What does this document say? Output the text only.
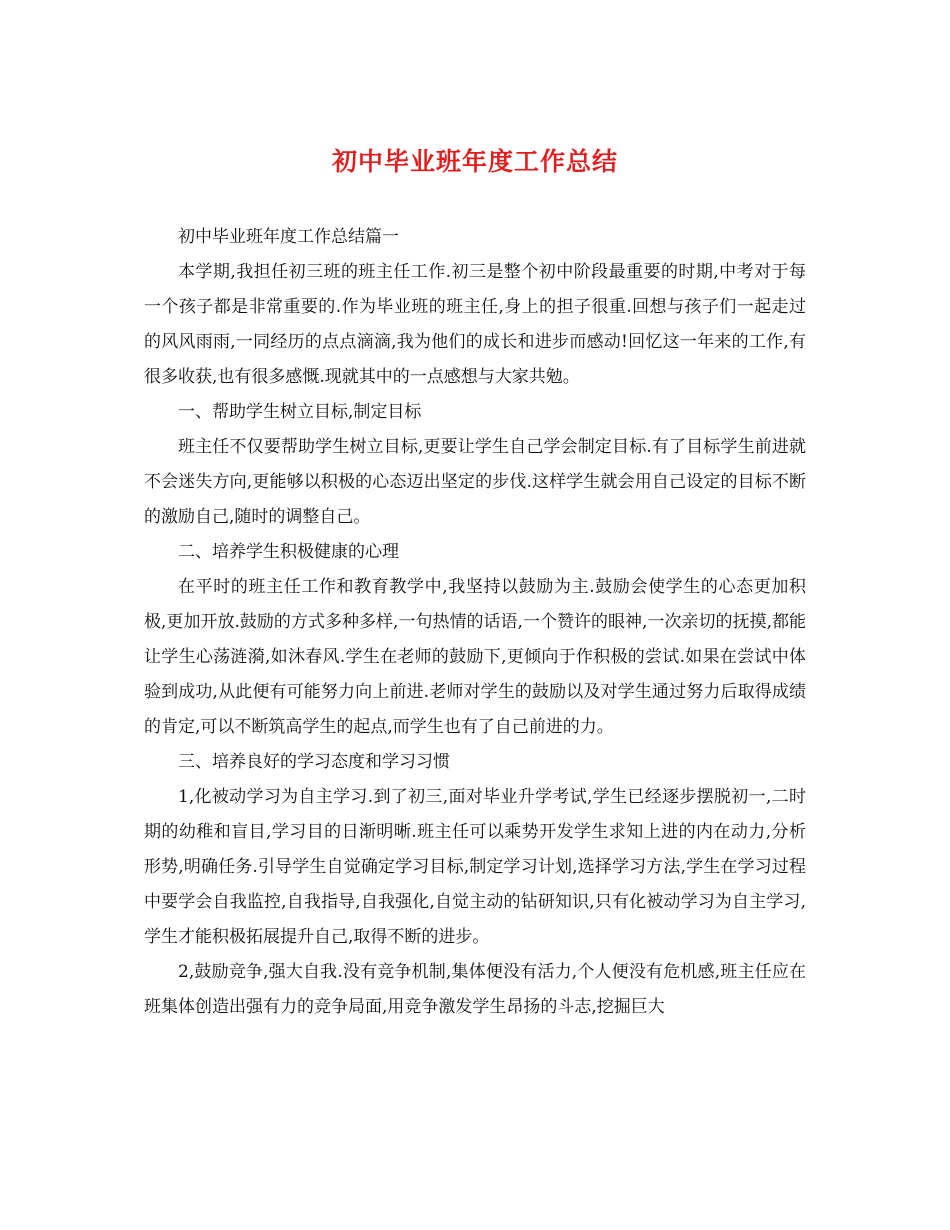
初中毕业班年度工作总结

初中毕业班年度工作总结篇一

本学期,我担任初三班的班主任工作.初三是整个初中阶段最重要的时期,中考对于每一个孩子都是非常重要的.作为毕业班的班主任,身上的担子很重.回想与孩子们一起走过的风风雨雨,一同经历的点点滴滴,我为他们的成长和进步而感动!回忆这一年来的工作,有很多收获,也有很多感慨.现就其中的一点感想与大家共勉。

一、帮助学生树立目标,制定目标

班主任不仅要帮助学生树立目标,更要让学生自己学会制定目标.有了目标学生前进就不会迷失方向,更能够以积极的心态迈出坚定的步伐.这样学生就会用自己设定的目标不断的激励自己,随时的调整自己。

二、培养学生积极健康的心理

在平时的班主任工作和教育教学中,我坚持以鼓励为主.鼓励会使学生的心态更加积极,更加开放.鼓励的方式多种多样,一句热情的话语,一个赞许的眼神,一次亲切的抚摸,都能让学生心荡涟漪,如沐春风.学生在老师的鼓励下,更倾向于作积极的尝试.如果在尝试中体验到成功,从此便有可能努力向上前进.老师对学生的鼓励以及对学生通过努力后取得成绩的肯定,可以不断筑高学生的起点,而学生也有了自己前进的力。

三、培养良好的学习态度和学习习惯

1,化被动学习为自主学习.到了初三,面对毕业升学考试,学生已经逐步摆脱初一,二时期的幼稚和盲目,学习目的日渐明晰.班主任可以乘势开发学生求知上进的内在动力,分析形势,明确任务.引导学生自觉确定学习目标,制定学习计划,选择学习方法,学生在学习过程中要学会自我监控,自我指导,自我强化,自觉主动的钻研知识,只有化被动学习为自主学习,学生才能积极拓展提升自己,取得不断的进步。

2,鼓励竞争,强大自我.没有竞争机制,集体便没有活力,个人便没有危机感,班主任应在班集体创造出强有力的竞争局面,用竞争激发学生昂扬的斗志,挖掘巨大
